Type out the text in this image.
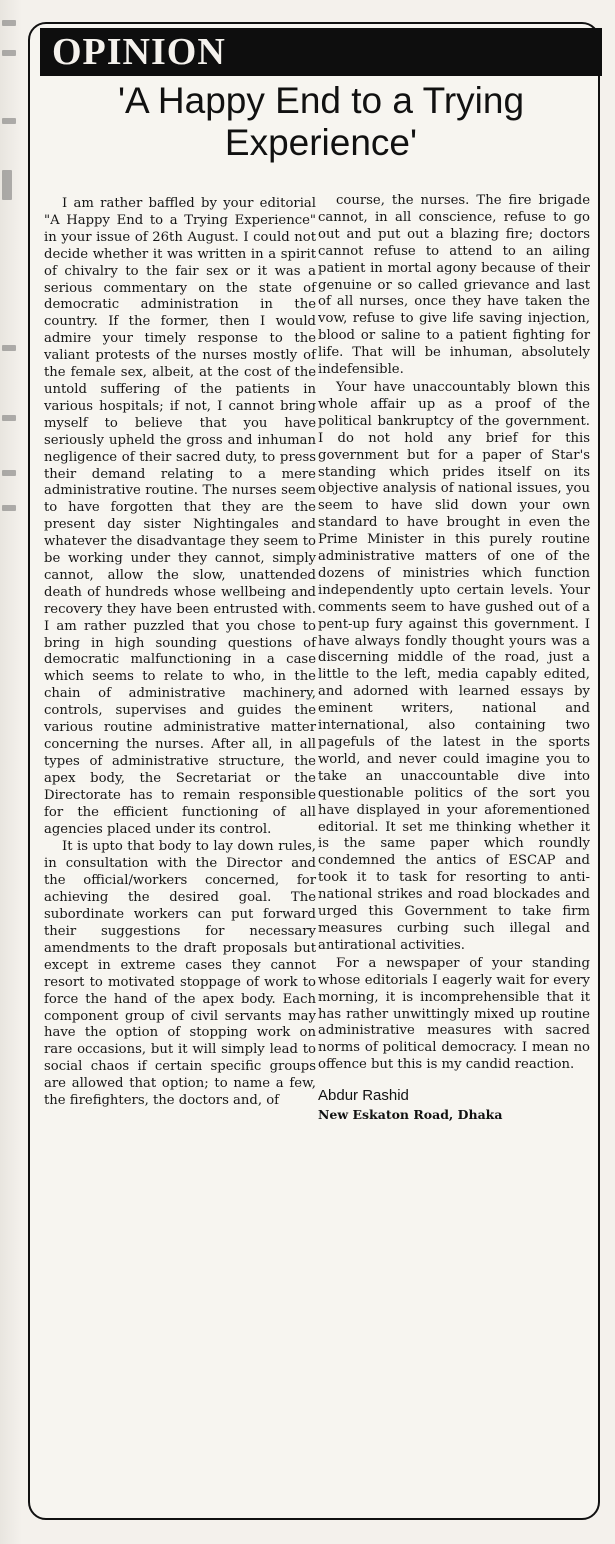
OPINION
'A Happy End to a Trying
Experience'

I am rather baffled by your editorial "A Happy End to a Trying Experience" in your issue of 26th August. I could not decide whether it was written in a spirit of chivalry to the fair sex or it was a serious commentary on the state of democratic administration in the country. If the former, then I would admire your timely response to the valiant protests of the nurses mostly of the female sex, albeit, at the cost of the untold suffering of the patients in various hospitals; if not, I cannot bring myself to believe that you have seriously upheld the gross and inhuman negligence of their sacred duty, to press their demand relating to a mere administrative routine. The nurses seem to have forgotten that they are the present day sister Nightingales and whatever the disadvantage they seem to be working under they cannot, simply cannot, allow the slow, unattended death of hundreds whose wellbeing and recovery they have been entrusted with. I am rather puzzled that you chose to bring in high sounding questions of democratic malfunctioning in a case which seems to relate to who, in the chain of administrative machinery, controls, supervises and guides the various routine administrative matter concerning the nurses. After all, in all types of administrative structure, the apex body, the Secretariat or the Directorate has to remain responsible for the efficient functioning of all agencies placed under its control.

It is upto that body to lay down rules, in consultation with the Director and the official/workers concerned, for achieving the desired goal. The subordinate workers can put forward their suggestions for necessary amendments to the draft proposals but except in extreme cases they cannot resort to motivated stoppage of work to force the hand of the apex body. Each component group of civil servants may have the option of stopping work on rare occasions, but it will simply lead to social chaos if certain specific groups are allowed that option; to name a few, the firefighters, the doctors and, of

course, the nurses. The fire brigade cannot, in all conscience, refuse to go out and put out a blazing fire; doctors cannot refuse to attend to an ailing patient in mortal agony because of their genuine or so called grievance and last of all nurses, once they have taken the vow, refuse to give life saving injection, blood or saline to a patient fighting for life. That will be inhuman, absolutely indefensible.

Your have unaccountably blown this whole affair up as a proof of the political bankruptcy of the government. I do not hold any brief for this government but for a paper of Star's standing which prides itself on its objective analysis of national issues, you seem to have slid down your own standard to have brought in even the Prime Minister in this purely routine administrative matters of one of the dozens of ministries which function independently upto certain levels. Your comments seem to have gushed out of a pent-up fury against this government. I have always fondly thought yours was a discerning middle of the road, just a little to the left, media capably edited, and adorned with learned essays by eminent writers, national and international, also containing two pagefuls of the latest in the sports world, and never could imagine you to take an unaccountable dive into questionable politics of the sort you have displayed in your aforementioned editorial. It set me thinking whether it is the same paper which roundly condemned the antics of ESCAP and took it to task for resorting to anti-national strikes and road blockades and urged this Government to take firm measures curbing such illegal and antirational activities.

For a newspaper of your standing whose editorials I eagerly wait for every morning, it is incomprehensible that it has rather unwittingly mixed up routine administrative measures with sacred norms of political democracy. I mean no offence but this is my candid reaction.

Abdur Rashid
New Eskaton Road, Dhaka
